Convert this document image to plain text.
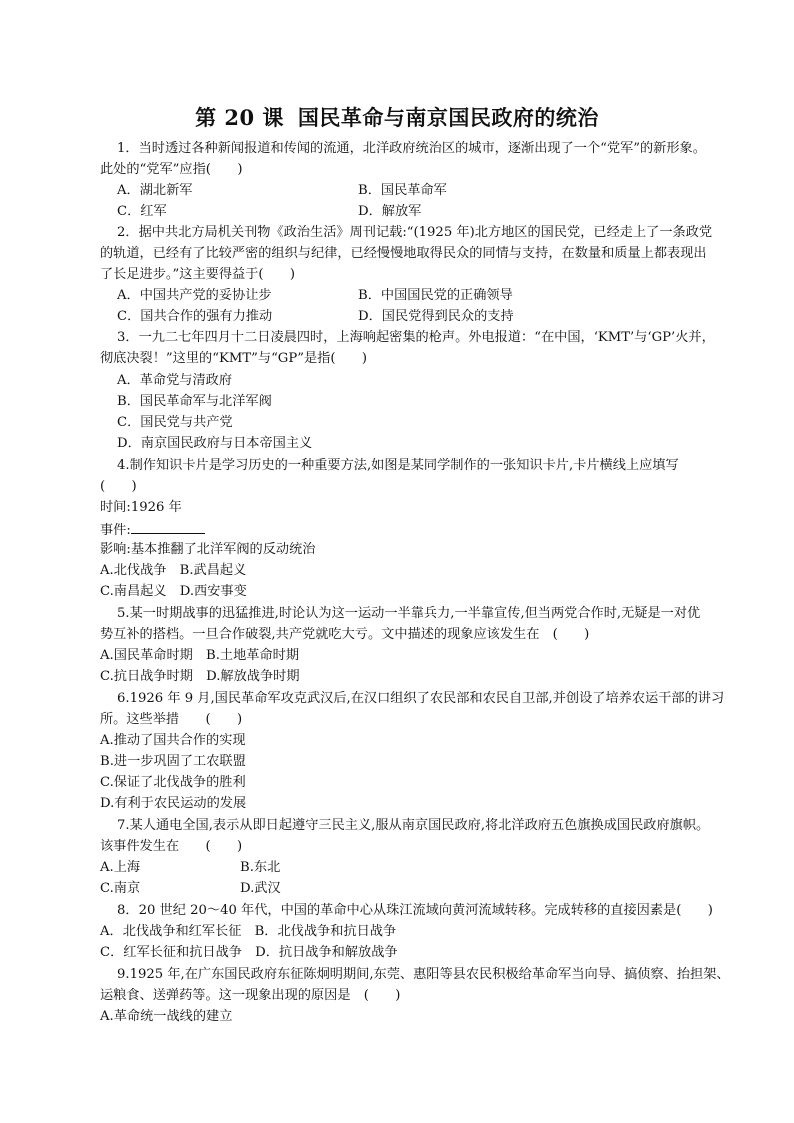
第 20 课 国民革命与南京国民政府的统治
1．当时透过各种新闻报道和传闻的流通，北洋政府统治区的城市，逐渐出现了一个“党军”的新形象。
此处的“党军”应指(　　)
A．湖北新军	B．国民革命军
C．红军	D．解放军
2．据中共北方局机关刊物《政治生活》周刊记载:“(1925 年)北方地区的国民党，已经走上了一条政党
的轨道，已经有了比较严密的组织与纪律，已经慢慢地取得民众的同情与支持，在数量和质量上都表现出
了长足进步。”这主要得益于(　　)
A．中国共产党的妥协让步	B．中国国民党的正确领导
C．国共合作的强有力推动	D．国民党得到民众的支持
3．一九二七年四月十二日凌晨四时，上海响起密集的枪声。外电报道：“在中国，‘KMT’与‘GP’火并，
彻底决裂！”这里的“KMT”与“GP”是指(　　)
A．革命党与清政府
B．国民革命军与北洋军阀
C．国民党与共产党
D．南京国民政府与日本帝国主义
4.制作知识卡片是学习历史的一种重要方法,如图是某同学制作的一张知识卡片,卡片横线上应填写
(　　)
时间:1926 年
事件:
影响:基本推翻了北洋军阀的反动统治
A.北伐战争　B.武昌起义
C.南昌起义　D.西安事变
5.某一时期战事的迅猛推进,时论认为这一运动一半靠兵力,一半靠宣传,但当两党合作时,无疑是一对优
势互补的搭档。一旦合作破裂,共产党就吃大亏。文中描述的现象应该发生在　(　　)
A.国民革命时期　B.土地革命时期
C.抗日战争时期　D.解放战争时期
6.1926 年 9 月,国民革命军攻克武汉后,在汉口组织了农民部和农民自卫部,并创设了培养农运干部的讲习
所。这些举措　　(　　)
A.推动了国共合作的实现
B.进一步巩固了工农联盟
C.保证了北伐战争的胜利
D.有利于农民运动的发展
7.某人通电全国,表示从即日起遵守三民主义,服从南京国民政府,将北洋政府五色旗换成国民政府旗帜。
该事件发生在　　(　　)
A.上海	B.东北
C.南京	D.武汉
8．20 世纪 20～40 年代，中国的革命中心从珠江流域向黄河流域转移。完成转移的直接因素是(　　)
A．北伐战争和红军长征　B．北伐战争和抗日战争
C．红军长征和抗日战争　D．抗日战争和解放战争
9.1925 年,在广东国民政府东征陈炯明期间,东莞、惠阳等县农民积极给革命军当向导、搞侦察、抬担架、
运粮食、送弹药等。这一现象出现的原因是　(　　)
A.革命统一战线的建立
